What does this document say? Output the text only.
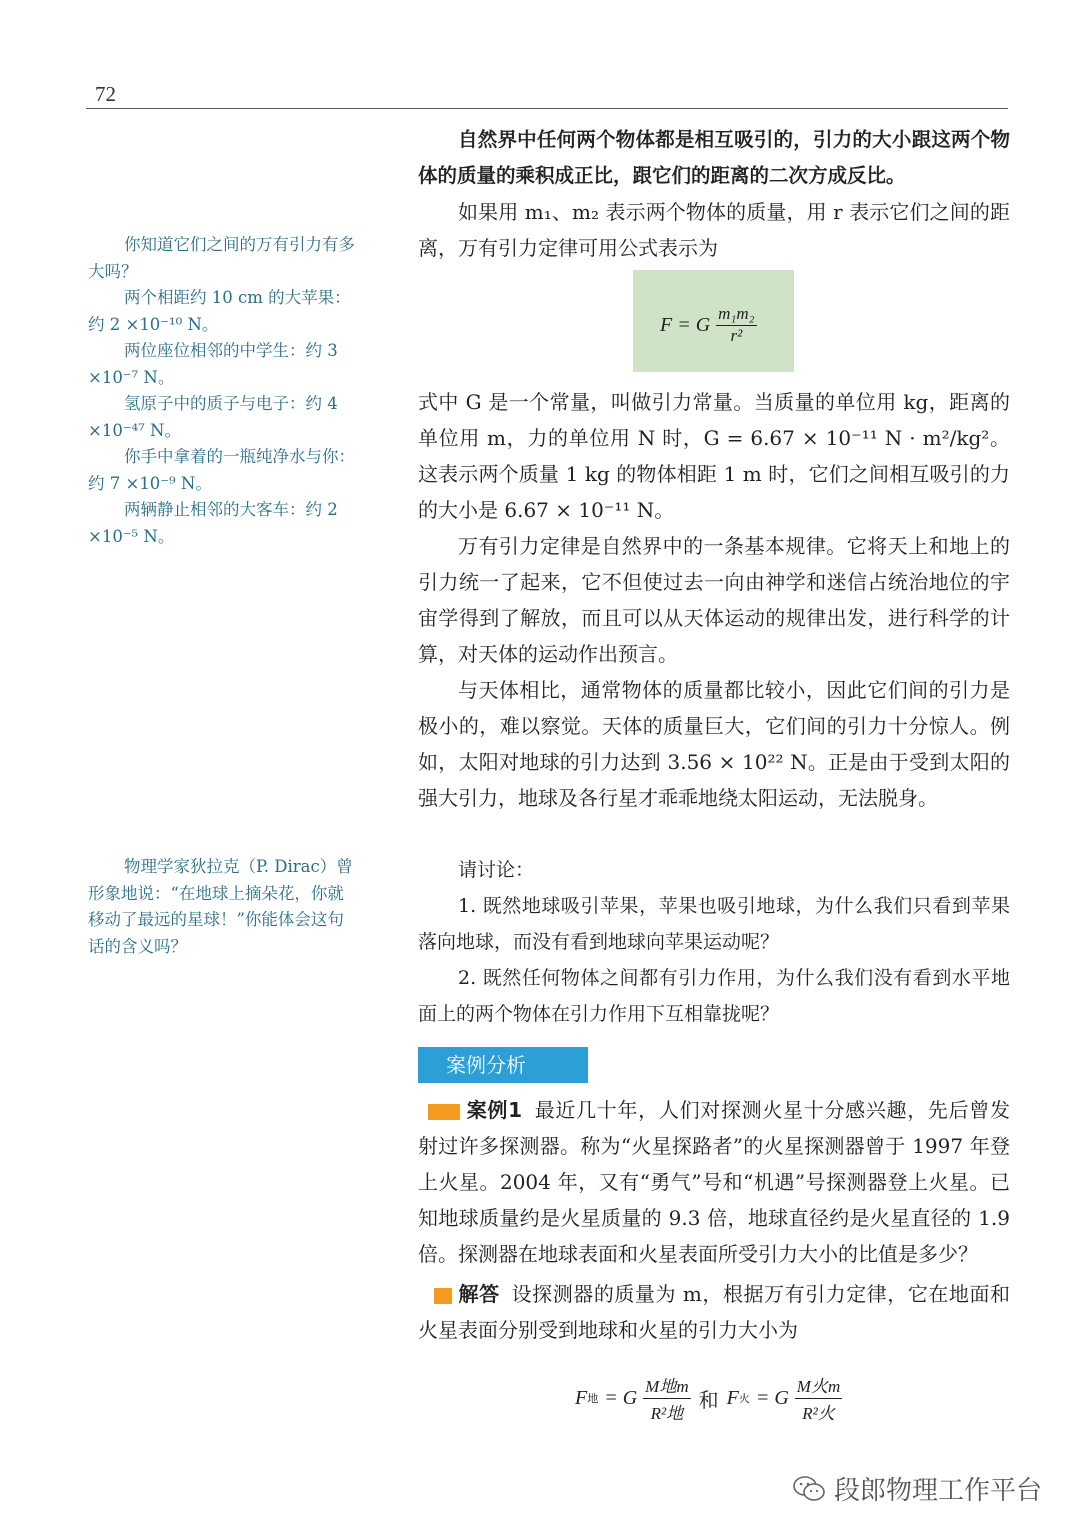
72

自然界中任何两个物体都是相互吸引的，引力的大小跟这两个物体的质量的乘积成正比，跟它们的距离的二次方成反比。

如果用 m₁、m₂ 表示两个物体的质量，用 r 表示它们之间的距离，万有引力定律可用公式表示为

F = G $\frac{\text{m₁m₂}}{\text{r²}}$

式中 G 是一个常量，叫做引力常量。当质量的单位用 kg，距离的单位用 m，力的单位用 N 时，G = 6.67 × 10⁻¹¹ N · m²/kg²。这表示两个质量 1 kg 的物体相距 1 m 时，它们之间相互吸引的力的大小是 6.67 × 10⁻¹¹ N。

万有引力定律是自然界中的一条基本规律。它将天上和地上的引力统一了起来，它不但使过去一向由神学和迷信占统治地位的宇宙学得到了解放，而且可以从天体运动的规律出发，进行科学的计算，对天体的运动作出预言。

与天体相比，通常物体的质量都比较小，因此它们间的引力是极小的，难以察觉。天体的质量巨大，它们间的引力十分惊人。例如，太阳对地球的引力达到 3.56 × 10²² N。正是由于受到太阳的强大引力，地球及各行星才乖乖地绕太阳运动，无法脱身。

你知道它们之间的万有引力有多大吗？

两个相距约 10 cm 的大苹果：约 2 ×10⁻¹⁰ N。

两位座位相邻的中学生：约 3 ×10⁻⁷ N。

氢原子中的质子与电子：约 4 ×10⁻⁴⁷ N。

你手中拿着的一瓶纯净水与你：约 7 ×10⁻⁹ N。

两辆静止相邻的大客车：约 2 ×10⁻⁵ N。

物理学家狄拉克（P. Dirac）曾形象地说：“在地球上摘朵花，你就移动了最远的星球！”你能体会这句话的含义吗？

请讨论：

1. 既然地球吸引苹果，苹果也吸引地球，为什么我们只看到苹果落向地球，而没有看到地球向苹果运动呢？

2. 既然任何物体之间都有引力作用，为什么我们没有看到水平地面上的两个物体在引力作用下互相靠拢呢？

案例分析

案例1 最近几十年，人们对探测火星十分感兴趣，先后曾发射过许多探测器。称为“火星探路者”的火星探测器曾于 1997 年登上火星。2004 年，又有“勇气”号和“机遇”号探测器登上火星。已知地球质量约是火星质量的 9.3 倍，地球直径约是火星直径的 1.9 倍。探测器在地球表面和火星表面所受引力大小的比值是多少？

解答 设探测器的质量为 m，根据万有引力定律，它在地面和火星表面分别受到地球和火星的引力大小为

F 地 = G $\frac{\text{M地m}}{\text{R²地}}$ 和 F 火 = G $\frac{\text{M火m}}{\text{R²火}}$
段郎物理工作平台
